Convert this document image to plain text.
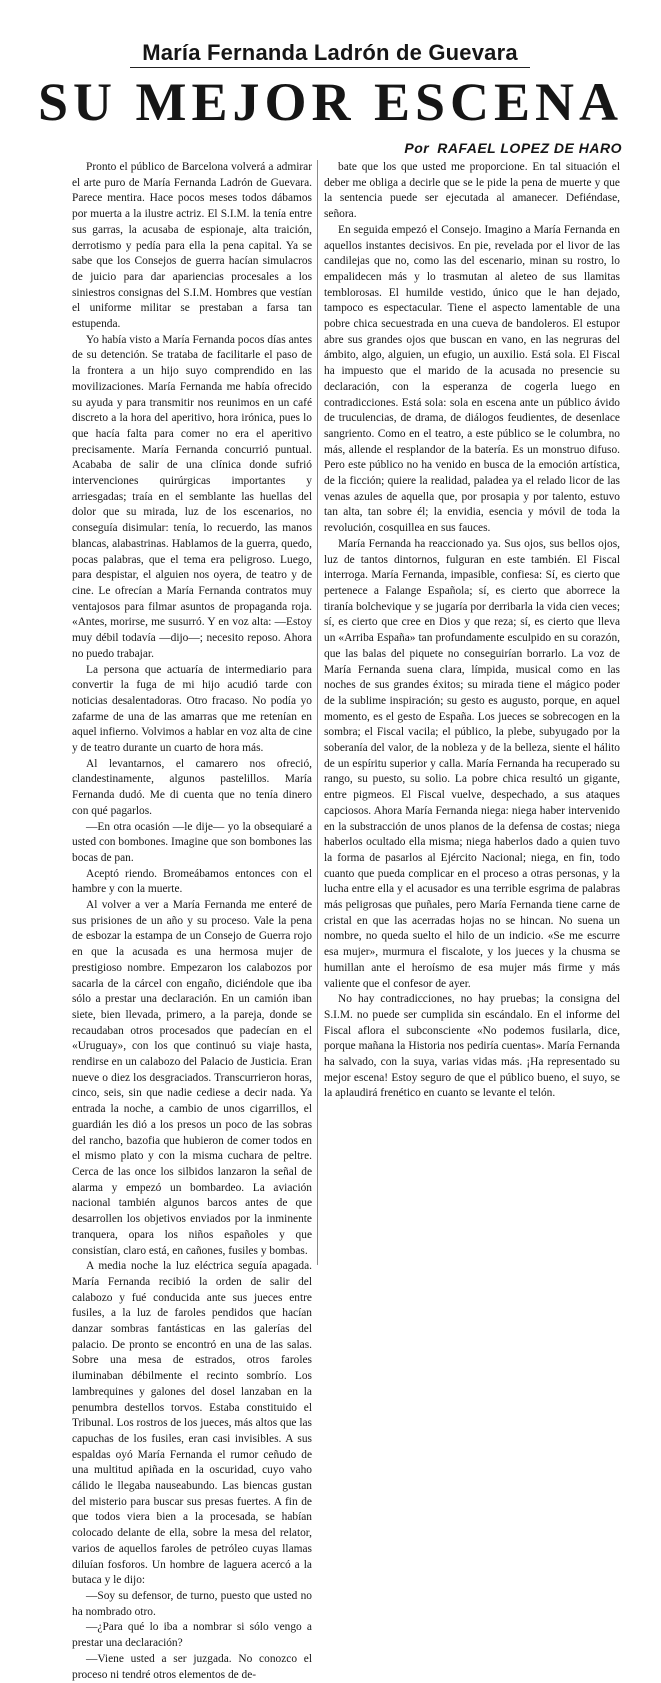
María Fernanda Ladrón de Guevara
SU MEJOR ESCENA
Por RAFAEL LOPEZ DE HARO

Pronto el público de Barcelona volverá a admirar el arte puro de María Fernanda Ladrón de Guevara. Parece mentira. Hace pocos meses todos dábamos por muerta a la ilustre actriz. El S.I.M. la tenía entre sus garras, la acusaba de espionaje, alta traición, derrotismo y pedía para ella la pena capital. Ya se sabe que los Consejos de guerra hacían simulacros de juicio para dar apariencias procesales a los siniestros consignas del S.I.M. Hombres que vestían el uniforme militar se prestaban a farsa tan estupenda.

Yo había visto a María Fernanda pocos días antes de su detención. Se trataba de facilitarle el paso de la frontera a un hijo suyo comprendido en las movilizaciones. María Fernanda me había ofrecido su ayuda y para transmitir nos reunimos en un café discreto a la hora del aperitivo, hora irónica, pues lo que hacía falta para comer no era el aperitivo precisamente. María Fernanda concurrió puntual. Acababa de salir de una clínica donde sufrió intervenciones quirúrgicas importantes y arriesgadas; traía en el semblante las huellas del dolor que su mirada, luz de los escenarios, no conseguía disimular: tenía, lo recuerdo, las manos blancas, alabastrinas. Hablamos de la guerra, quedo, pocas palabras, que el tema era peligroso. Luego, para despistar, el alguien nos oyera, de teatro y de cine. Le ofrecían a María Fernanda contratos muy ventajosos para filmar asuntos de propaganda roja. «Antes, morirse, me susurró. Y en voz alta: —Estoy muy débil todavía —dijo—; necesito reposo. Ahora no puedo trabajar.

La persona que actuaría de intermediario para convertir la fuga de mi hijo acudió tarde con noticias desalentadoras. Otro fracaso. No podía yo zafarme de una de las amarras que me retenían en aquel infierno. Volvimos a hablar en voz alta de cine y de teatro durante un cuarto de hora más.

Al levantarnos, el camarero nos ofreció, clandestinamente, algunos pastelillos. María Fernanda dudó. Me di cuenta que no tenía dinero con qué pagarlos.

—En otra ocasión —le dije— yo la obsequiaré a usted con bombones. Imagine que son bombones las bocas de pan.

Aceptó riendo. Bromeábamos entonces con el hambre y con la muerte.

Al volver a ver a María Fernanda me enteré de sus prisiones de un año y su proceso. Vale la pena de esbozar la estampa de un Consejo de Guerra rojo en que la acusada es una hermosa mujer de prestigioso nombre. Empezaron los calabozos por sacarla de la cárcel con engaño, diciéndole que iba sólo a prestar una declaración. En un camión iban siete, bien llevada, primero, a la pareja, donde se recaudaban otros procesados que padecían en el «Uruguay», con los que continuó su viaje hasta, rendirse en un calabozo del Palacio de Justicia. Eran nueve o diez los desgraciados. Transcurrieron horas, cinco, seis, sin que nadie cediese a decir nada. Ya entrada la noche, a cambio de unos cigarrillos, el guardián les dió a los presos un poco de las sobras del rancho, bazofia que hubieron de comer todos en el mismo plato y con la misma cuchara de peltre. Cerca de las once los silbidos lanzaron la señal de alarma y empezó un bombardeo. La aviación nacional también algunos barcos antes de que desarrollen los objetivos enviados por la inminente tranquera, opara los niños españoles y que consistían, claro está, en cañones, fusiles y bombas.

A media noche la luz eléctrica seguía apagada. María Fernanda recibió la orden de salir del calabozo y fué conducida ante sus jueces entre fusiles, a la luz de faroles pendidos que hacían danzar sombras fantásticas en las galerías del palacio. De pronto se encontró en una de las salas. Sobre una mesa de estrados, otros faroles iluminaban débilmente el recinto sombrío. Los lambrequines y galones del dosel lanzaban en la penumbra destellos torvos. Estaba constituido el Tribunal. Los rostros de los jueces, más altos que las capuchas de los fusiles, eran casi invisibles. A sus espaldas oyó María Fernanda el rumor ceñudo de una multitud apiñada en la oscuridad, cuyo vaho cálido le llegaba nauseabundo. Las biencas gustan del misterio para buscar sus presas fuertes. A fin de que todos viera bien a la procesada, se habían colocado delante de ella, sobre la mesa del relator, varios de aquellos faroles de petróleo cuyas llamas diluían fosforos. Un hombre de laguera acercó a la butaca y le dijo:

—Soy su defensor, de turno, puesto que usted no ha nombrado otro.

—¿Para qué lo iba a nombrar si sólo vengo a prestar una declaración?

—Viene usted a ser juzgada. No conozco el proceso ni tendré otros elementos de de-

bate que los que usted me proporcione. En tal situación el deber me obliga a decirle que se le pide la pena de muerte y que la sentencia puede ser ejecutada al amanecer. Defiéndase, señora.

En seguida empezó el Consejo. Imagino a María Fernanda en aquellos instantes decisivos. En pie, revelada por el livor de las candilejas que no, como las del escenario, minan su rostro, lo empalidecen más y lo trasmutan al aleteo de sus llamitas temblorosas. El humilde vestido, único que le han dejado, tampoco es espectacular. Tiene el aspecto lamentable de una pobre chica secuestrada en una cueva de bandoleros. El estupor abre sus grandes ojos que buscan en vano, en las negruras del ámbito, algo, alguien, un efugio, un auxilio. Está sola. El Fiscal ha impuesto que el marido de la acusada no presencie su declaración, con la esperanza de cogerla luego en contradicciones. Está sola: sola en escena ante un público ávido de truculencias, de drama, de diálogos feudientes, de desenlace sangriento. Como en el teatro, a este público se le columbra, no más, allende el resplandor de la batería. Es un monstruo difuso. Pero este público no ha venido en busca de la emoción artística, de la ficción; quiere la realidad, paladea ya el relado licor de las venas azules de aquella que, por prosapia y por talento, estuvo tan alta, tan sobre él; la envidia, esencia y móvil de toda la revolución, cosquillea en sus fauces.

María Fernanda ha reaccionado ya. Sus ojos, sus bellos ojos, luz de tantos dintornos, fulguran en este también. El Fiscal interroga. María Fernanda, impasible, confiesa: Sí, es cierto que pertenece a Falange Española; sí, es cierto que aborrece la tiranía bolchevique y se jugaría por derribarla la vida cien veces; sí, es cierto que cree en Dios y que reza; sí, es cierto que lleva un «Arriba España» tan profundamente esculpido en su corazón, que las balas del piquete no conseguirían borrarlo. La voz de María Fernanda suena clara, límpida, musical como en las noches de sus grandes éxitos; su mirada tiene el mágico poder de la sublime inspiración; su gesto es augusto, porque, en aquel momento, es el gesto de España. Los jueces se sobrecogen en la sombra; el Fiscal vacila; el público, la plebe, subyugado por la soberanía del valor, de la nobleza y de la belleza, siente el hálito de un espíritu superior y calla. María Fernanda ha recuperado su rango, su puesto, su solio. La pobre chica resultó un gigante, entre pigmeos. El Fiscal vuelve, despechado, a sus ataques capciosos. Ahora María Fernanda niega: niega haber intervenido en la substracción de unos planos de la defensa de costas; niega haberlos ocultado ella misma; niega haberlos dado a quien tuvo la forma de pasarlos al Ejército Nacional; niega, en fin, todo cuanto que pueda complicar en el proceso a otras personas, y la lucha entre ella y el acusador es una terrible esgrima de palabras más peligrosas que puñales, pero María Fernanda tiene carne de cristal en que las acerradas hojas no se hincan. No suena un nombre, no queda suelto el hilo de un indicio. «Se me escurre esa mujer», murmura el fiscalote, y los jueces y la chusma se humillan ante el heroísmo de esa mujer más firme y más valiente que el confesor de ayer.

No hay contradicciones, no hay pruebas; la consigna del S.I.M. no puede ser cumplida sin escándalo. En el informe del Fiscal aflora el subconsciente «No podemos fusilarla, dice, porque mañana la Historia nos pediría cuentas». María Fernanda ha salvado, con la suya, varias vidas más. ¡Ha representado su mejor escena! Estoy seguro de que el público bueno, el suyo, se la aplaudirá frenético en cuanto se levante el telón.
